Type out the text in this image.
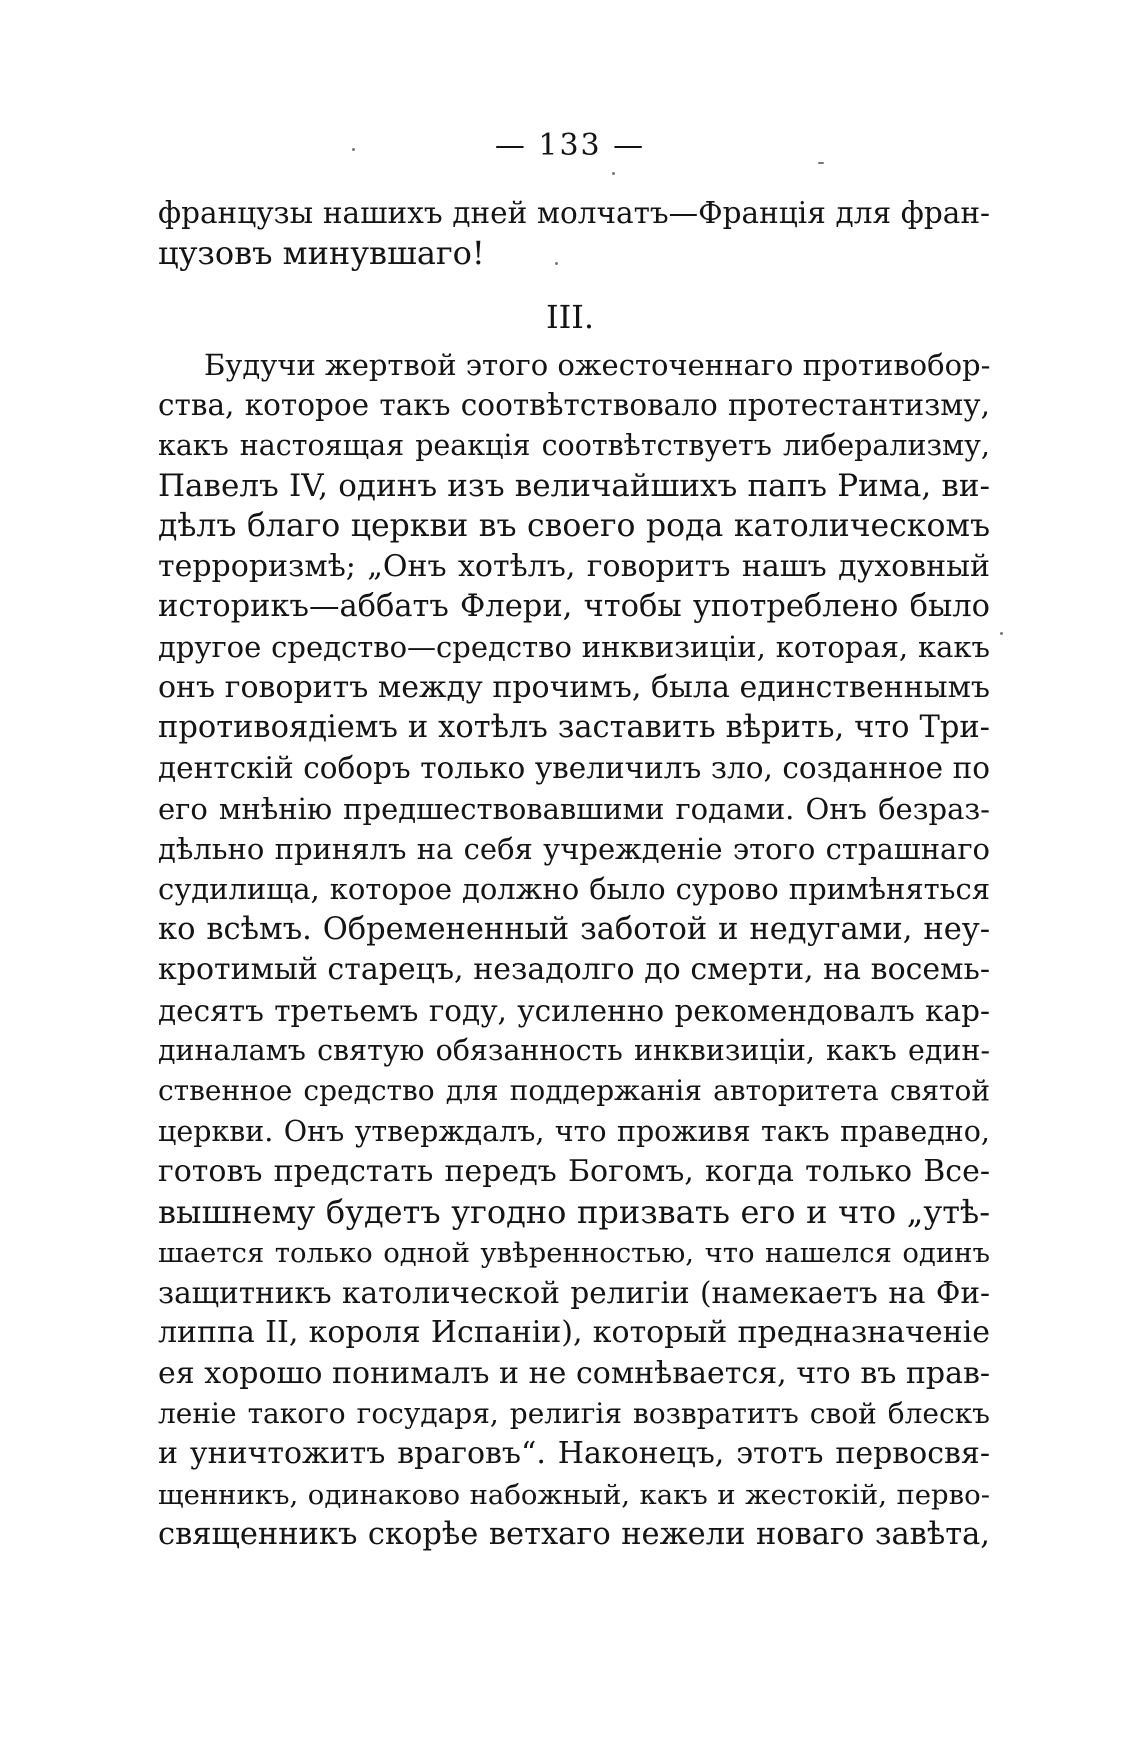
— 133 —
французы нашихъ дней молчатъ—Францiя для фран-
цузовъ минувшаго!
III.
Будучи жертвой этого ожесточеннаго противобор-
ства, которое такъ соотвѣтствовало протестантизму,
какъ настоящая реакцiя соотвѣтствуетъ либерализму,
Павелъ IV, одинъ изъ величайшихъ папъ Рима, ви-
дѣлъ благо церкви въ своего рода католическомъ
терроризмѣ; „Онъ хотѣлъ, говоритъ нашъ духовный
историкъ—аббатъ Флери, чтобы употреблено было
другое средство—средство инквизицiи, которая, какъ
онъ говоритъ между прочимъ, была единственнымъ
противоядiемъ и хотѣлъ заставить вѣрить, что Три-
дентскiй соборъ только увеличилъ зло, созданное по
его мнѣнiю предшествовавшими годами. Онъ безраз-
дѣльно принялъ на себя учрежденiе этого страшнаго
судилища, которое должно было сурово примѣняться
ко всѣмъ. Обремененный заботой и недугами, неу-
кротимый старецъ, незадолго до смерти, на восемь-
десятъ третьемъ году, усиленно рекомендовалъ кар-
диналамъ святую обязанность инквизицiи, какъ един-
ственное средство для поддержанiя авторитета святой
церкви. Онъ утверждалъ, что проживя такъ праведно,
готовъ предстать передъ Богомъ, когда только Все-
вышнему будетъ угодно призвать его и что „утѣ-
шается только одной увѣренностью, что нашелся одинъ
защитникъ католической религiи (намекаетъ на Фи-
липпа II, короля Испанiи), который предназначенiе
ея хорошо понималъ и не сомнѣвается, что въ прав-
ленiе такого государя, религiя возвратитъ свой блескъ
и уничтожитъ враговъ“. Наконецъ, этотъ первосвя-
щенникъ, одинаково набожный, какъ и жестокiй, перво-
священникъ скорѣе ветхаго нежели новаго завѣта,
